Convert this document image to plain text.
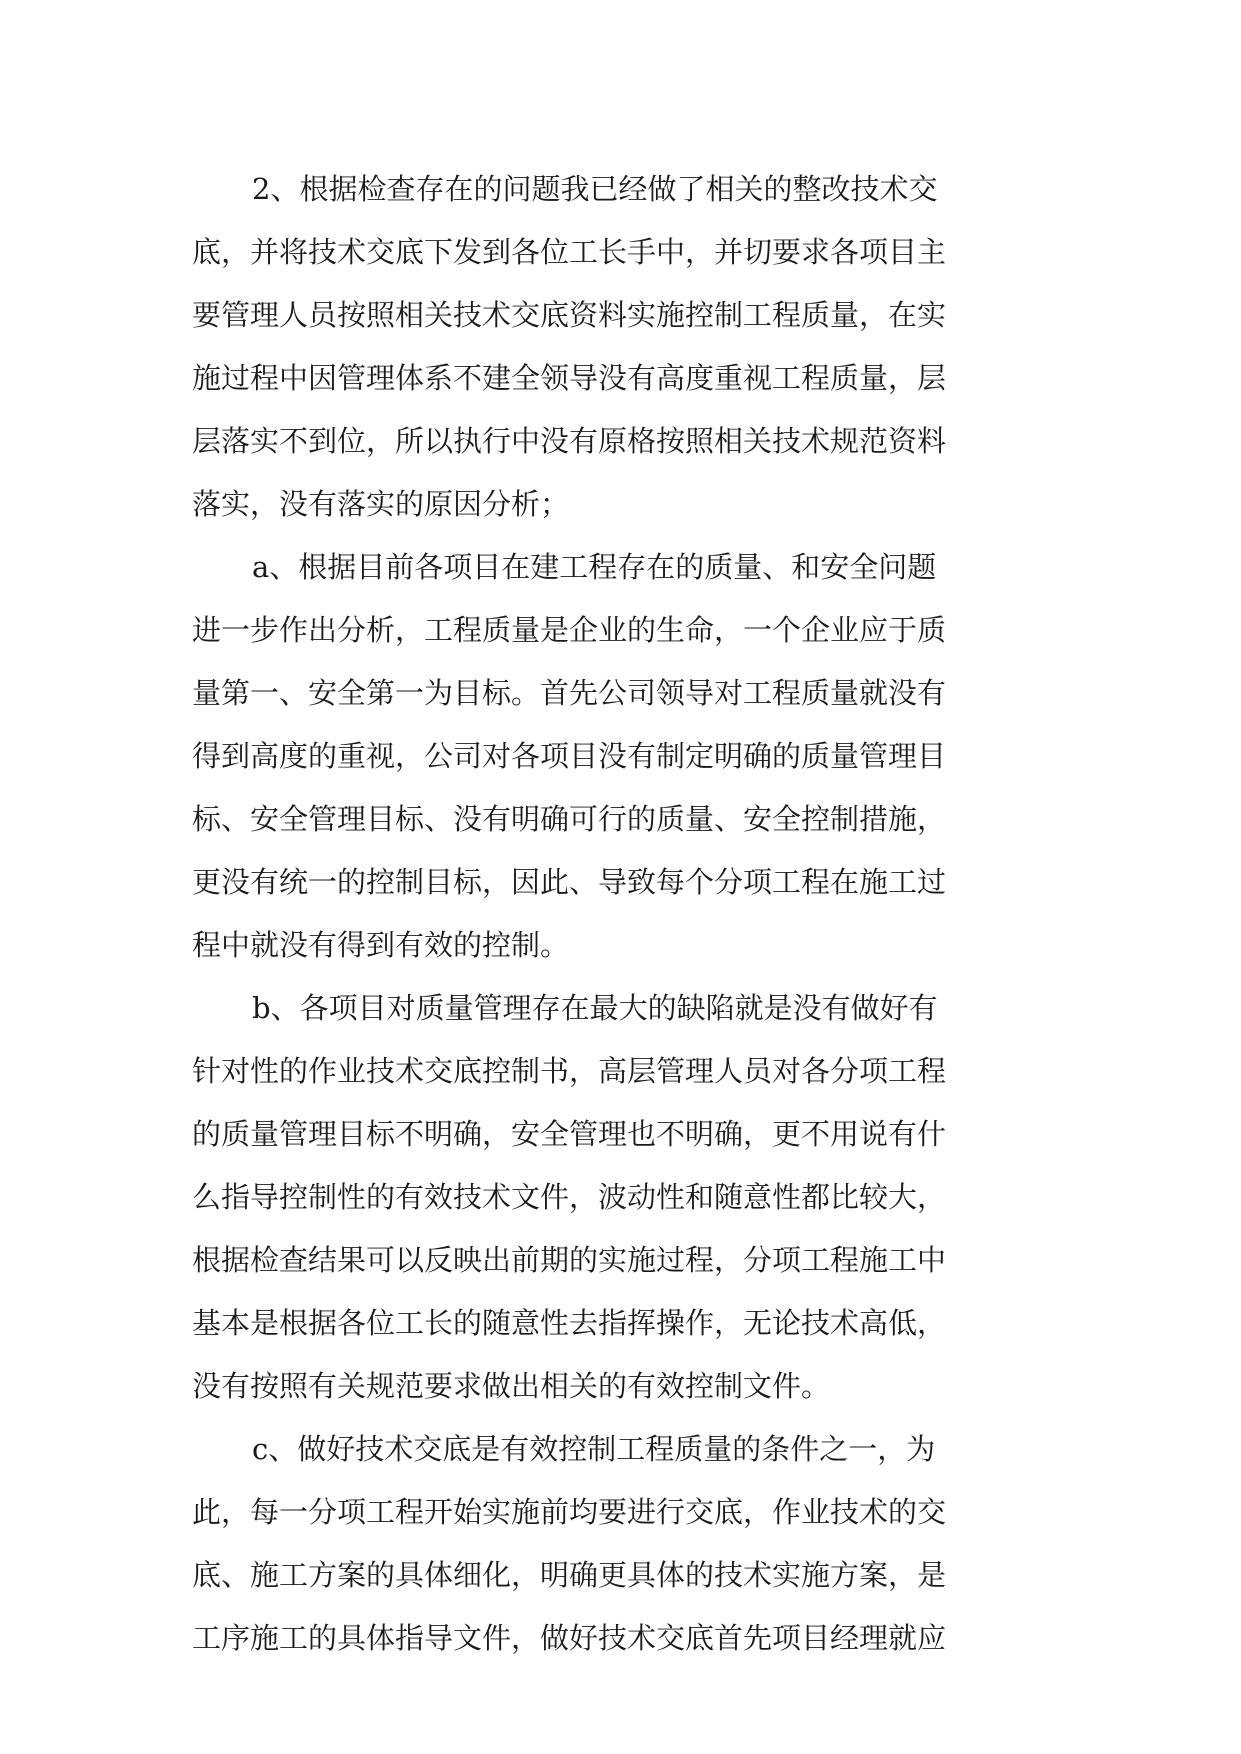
2、根据检查存在的问题我已经做了相关的整改技术交
底，并将技术交底下发到各位工长手中，并切要求各项目主
要管理人员按照相关技术交底资料实施控制工程质量，在实
施过程中因管理体系不建全领导没有高度重视工程质量，层
层落实不到位，所以执行中没有原格按照相关技术规范资料
落实，没有落实的原因分析；
a、根据目前各项目在建工程存在的质量、和安全问题
进一步作出分析，工程质量是企业的生命，一个企业应于质
量第一、安全第一为目标。首先公司领导对工程质量就没有
得到高度的重视，公司对各项目没有制定明确的质量管理目
标、安全管理目标、没有明确可行的质量、安全控制措施，
更没有统一的控制目标，因此、导致每个分项工程在施工过
程中就没有得到有效的控制。
b、各项目对质量管理存在最大的缺陷就是没有做好有
针对性的作业技术交底控制书，高层管理人员对各分项工程
的质量管理目标不明确，安全管理也不明确，更不用说有什
么指导控制性的有效技术文件，波动性和随意性都比较大，
根据检查结果可以反映出前期的实施过程，分项工程施工中
基本是根据各位工长的随意性去指挥操作，无论技术高低，
没有按照有关规范要求做出相关的有效控制文件。
c、做好技术交底是有效控制工程质量的条件之一，为
此，每一分项工程开始实施前均要进行交底，作业技术的交
底、施工方案的具体细化，明确更具体的技术实施方案，是
工序施工的具体指导文件，做好技术交底首先项目经理就应
